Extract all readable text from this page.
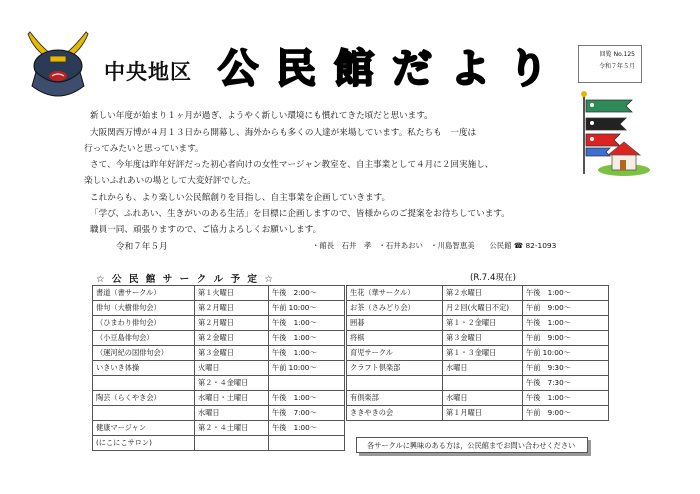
中央地区 公民館だより	回覧 No.125
令和７年５月
新しい年度が始まり１ヶ月が過ぎ、ようやく新しい環境にも慣れてきた頃だと思います。
大阪関西万博が４月１３日から開幕し、海外からも多くの人達が来場しています。私たちも　一度は
行ってみたいと思っています。
さて、今年度は昨年好評だった初心者向けの女性マージャン教室を、自主事業として４月に２回実施し、
楽しいふれあいの場として大変好評でした。
これからも、より楽しい公民館創りを目指し、自主事業を企画していきます。
「学び、ふれあい、生きがいのある生活」を目標に企画しますので、皆様からのご提案をお待ちしています。
職員一同、頑張りますので、ご協力よろしくお願いします。
令和７年５月	・館長　石井　孝　・石井あおい　・川島智恵美　　公民館 ☎ 82-1093
☆ 公 民 館 サ ー ク ル 予 定 ☆	(R.7.4現在)
書道（書サークル）	第１火曜日	午後　2:00～
俳句（大樹俳句会）	第２月曜日	午前 10:00～
（ひまわり俳句会）	第２月曜日	午後　1:00～
（小豆島俳句会）	第２金曜日	午後　1:00～
（運河紀の国俳句会）	第３金曜日	午後　1:00～
いきいき体操	火曜日	午前 10:00～
	第２・４金曜日	
陶芸（らくやき会）	水曜日・土曜日	午後　1:00～
	水曜日	午後　7:00～
健康マージャン	第２・４土曜日	午後　1:00～
(にこにこサロン)		
生花（華サークル）	第２水曜日	午後　1:00～
お茶（さみどり会）	月２回(火曜日不定)	午前　9:00～
囲碁	第１・２金曜日	午後　1:00～
将棋	第３金曜日	午前　9:00～
育児サークル	第１・３金曜日	午前 10:00～
クラフト倶楽部	水曜日	午前　9:30～
		午後　7:30～
有倶楽部	水曜日	午後　1:00～
ききやきの会	第１月曜日	午前　9:00～
各サークルに興味のある方は，公民館までお問い合わせください
